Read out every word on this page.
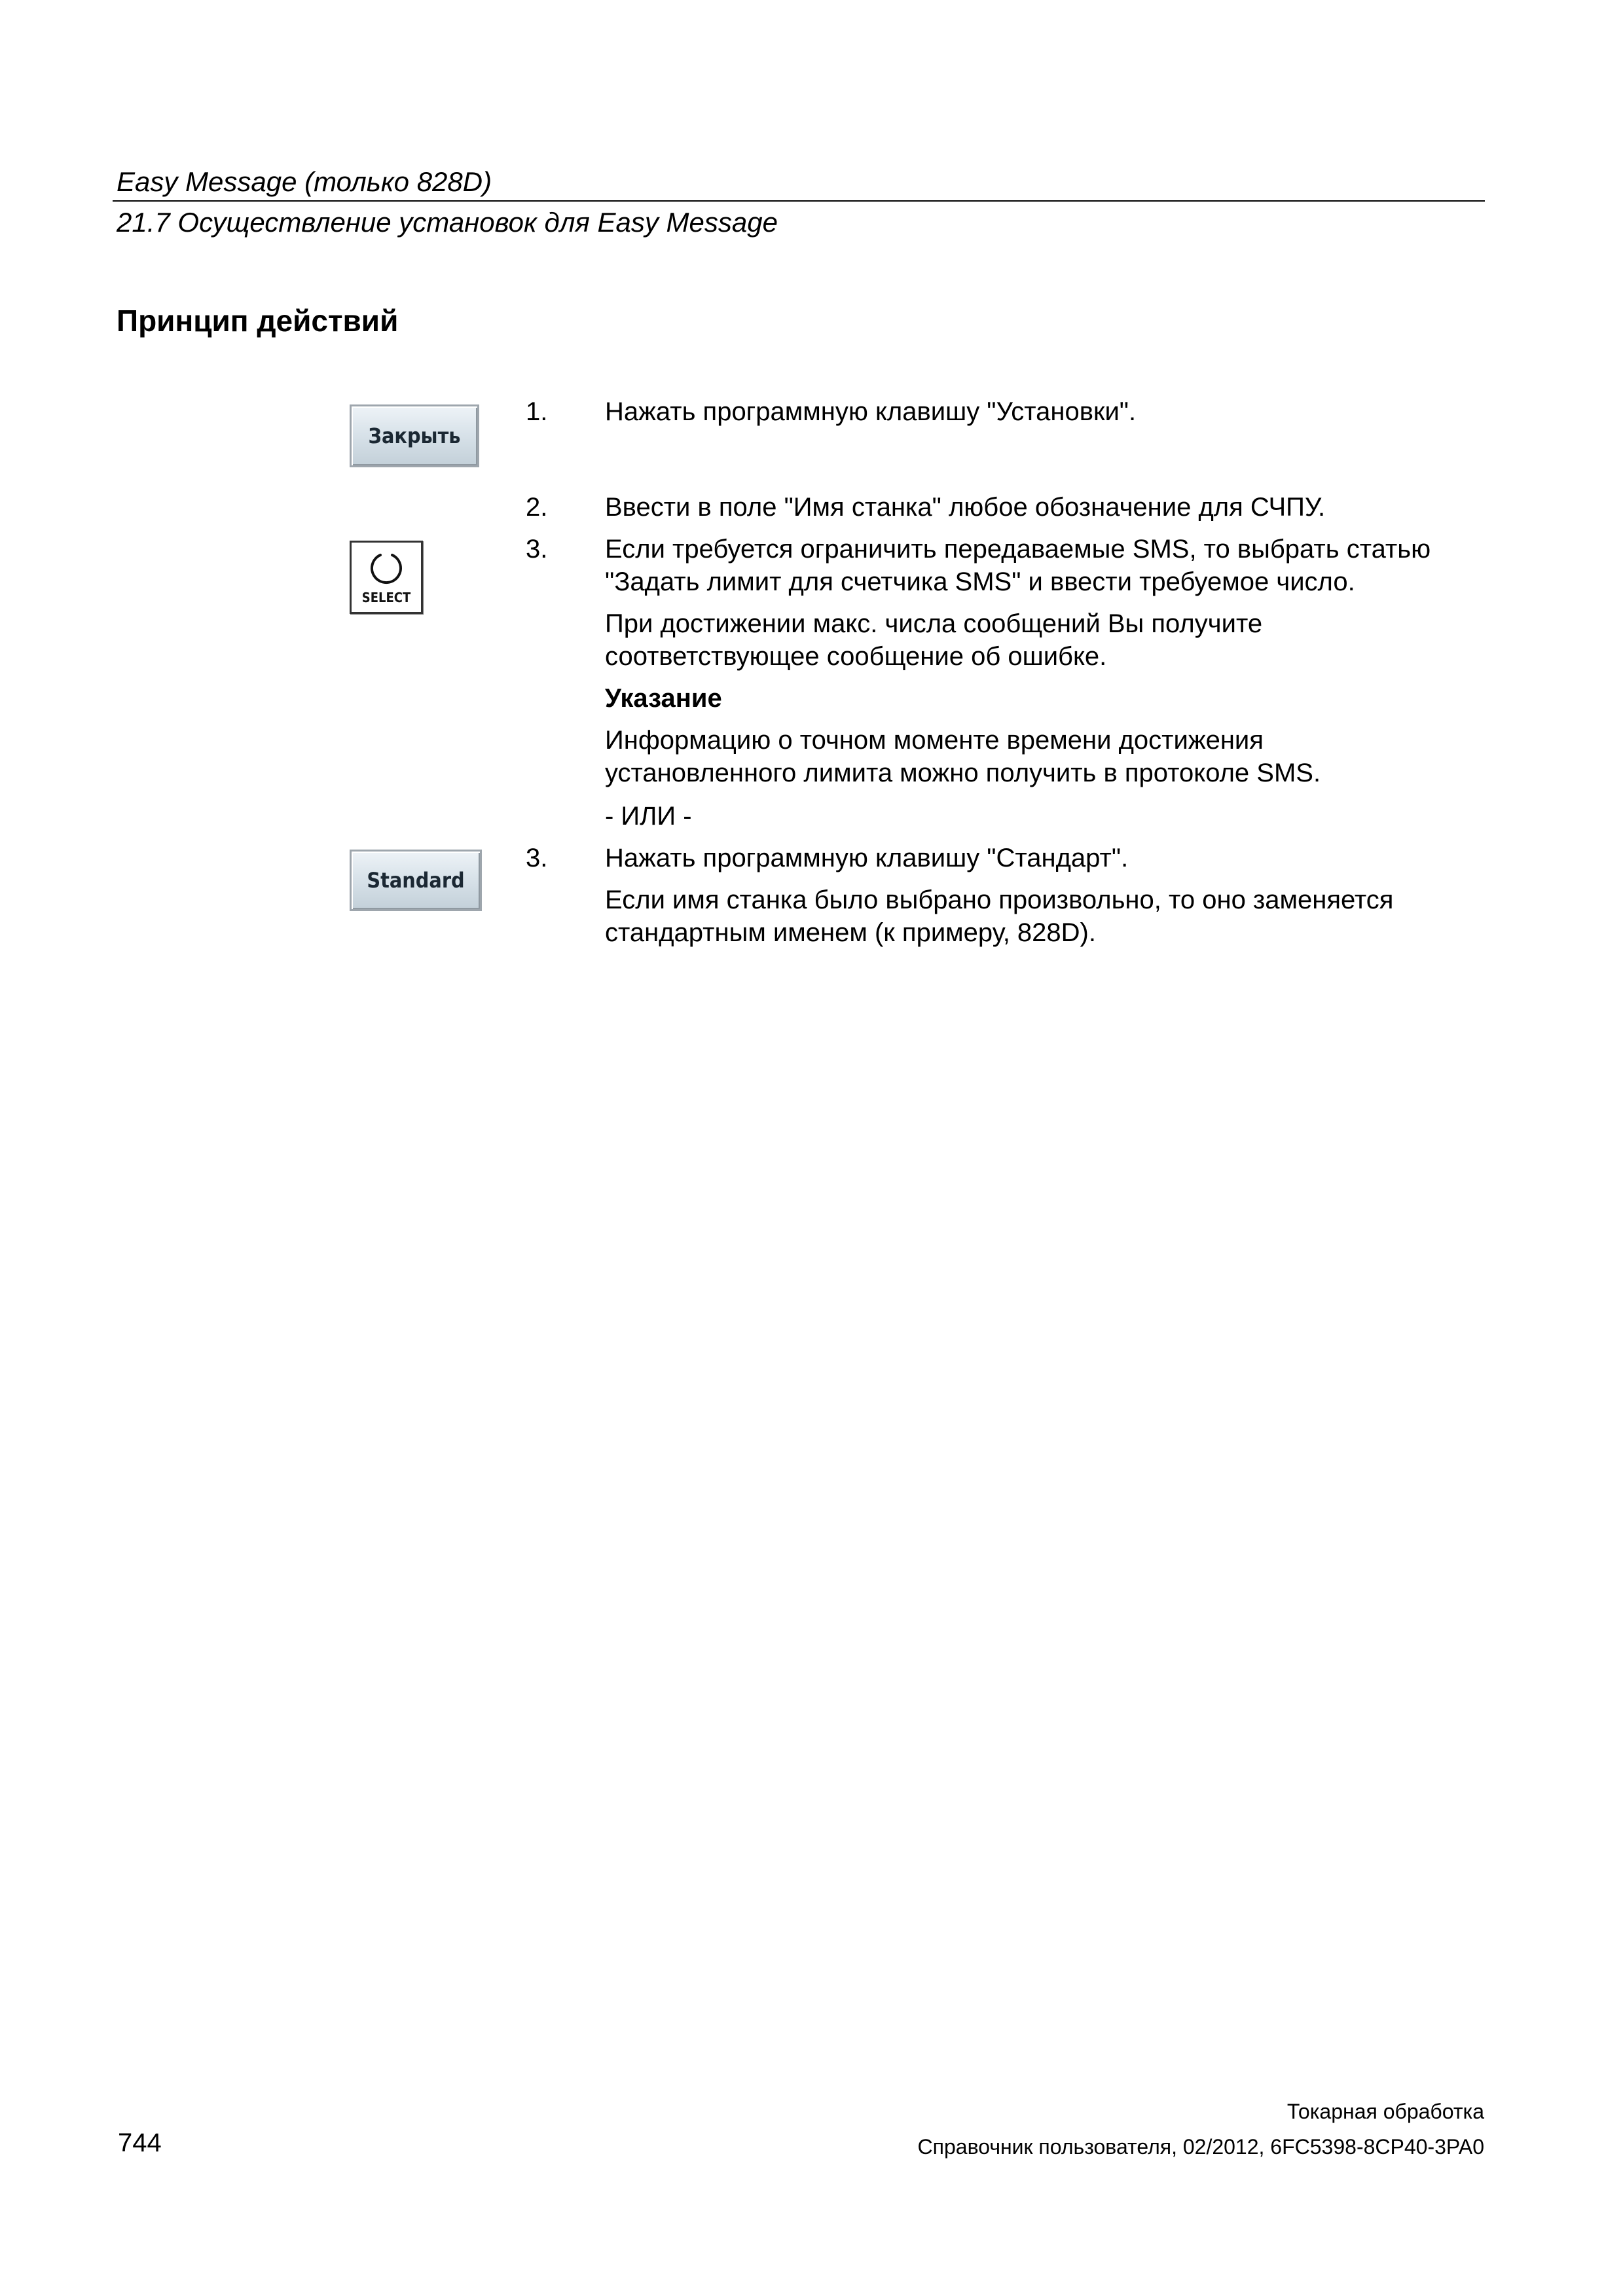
Easy Message (только 828D)
21.7 Осуществление установок для Easy Message
Принцип действий
Закрыть
SELECT
Standard
1. Нажать программную клавишу "Установки".
2. Ввести в поле "Имя станка" любое обозначение для СЧПУ.
3. Если требуется ограничить передаваемые SMS, то выбрать статью
"Задать лимит для счетчика SMS" и ввести требуемое число.
При достижении макс. числа сообщений Вы получите
соответствующее сообщение об ошибке.
Указание
Информацию о точном моменте времени достижения
установленного лимита можно получить в протоколе SMS.
- ИЛИ -
3. Нажать программную клавишу "Стандарт".
Если имя станка было выбрано произвольно, то оно заменяется
стандартным именем (к примеру, 828D).
744
Токарная обработка
Справочник пользователя, 02/2012, 6FC5398-8CP40-3PA0
